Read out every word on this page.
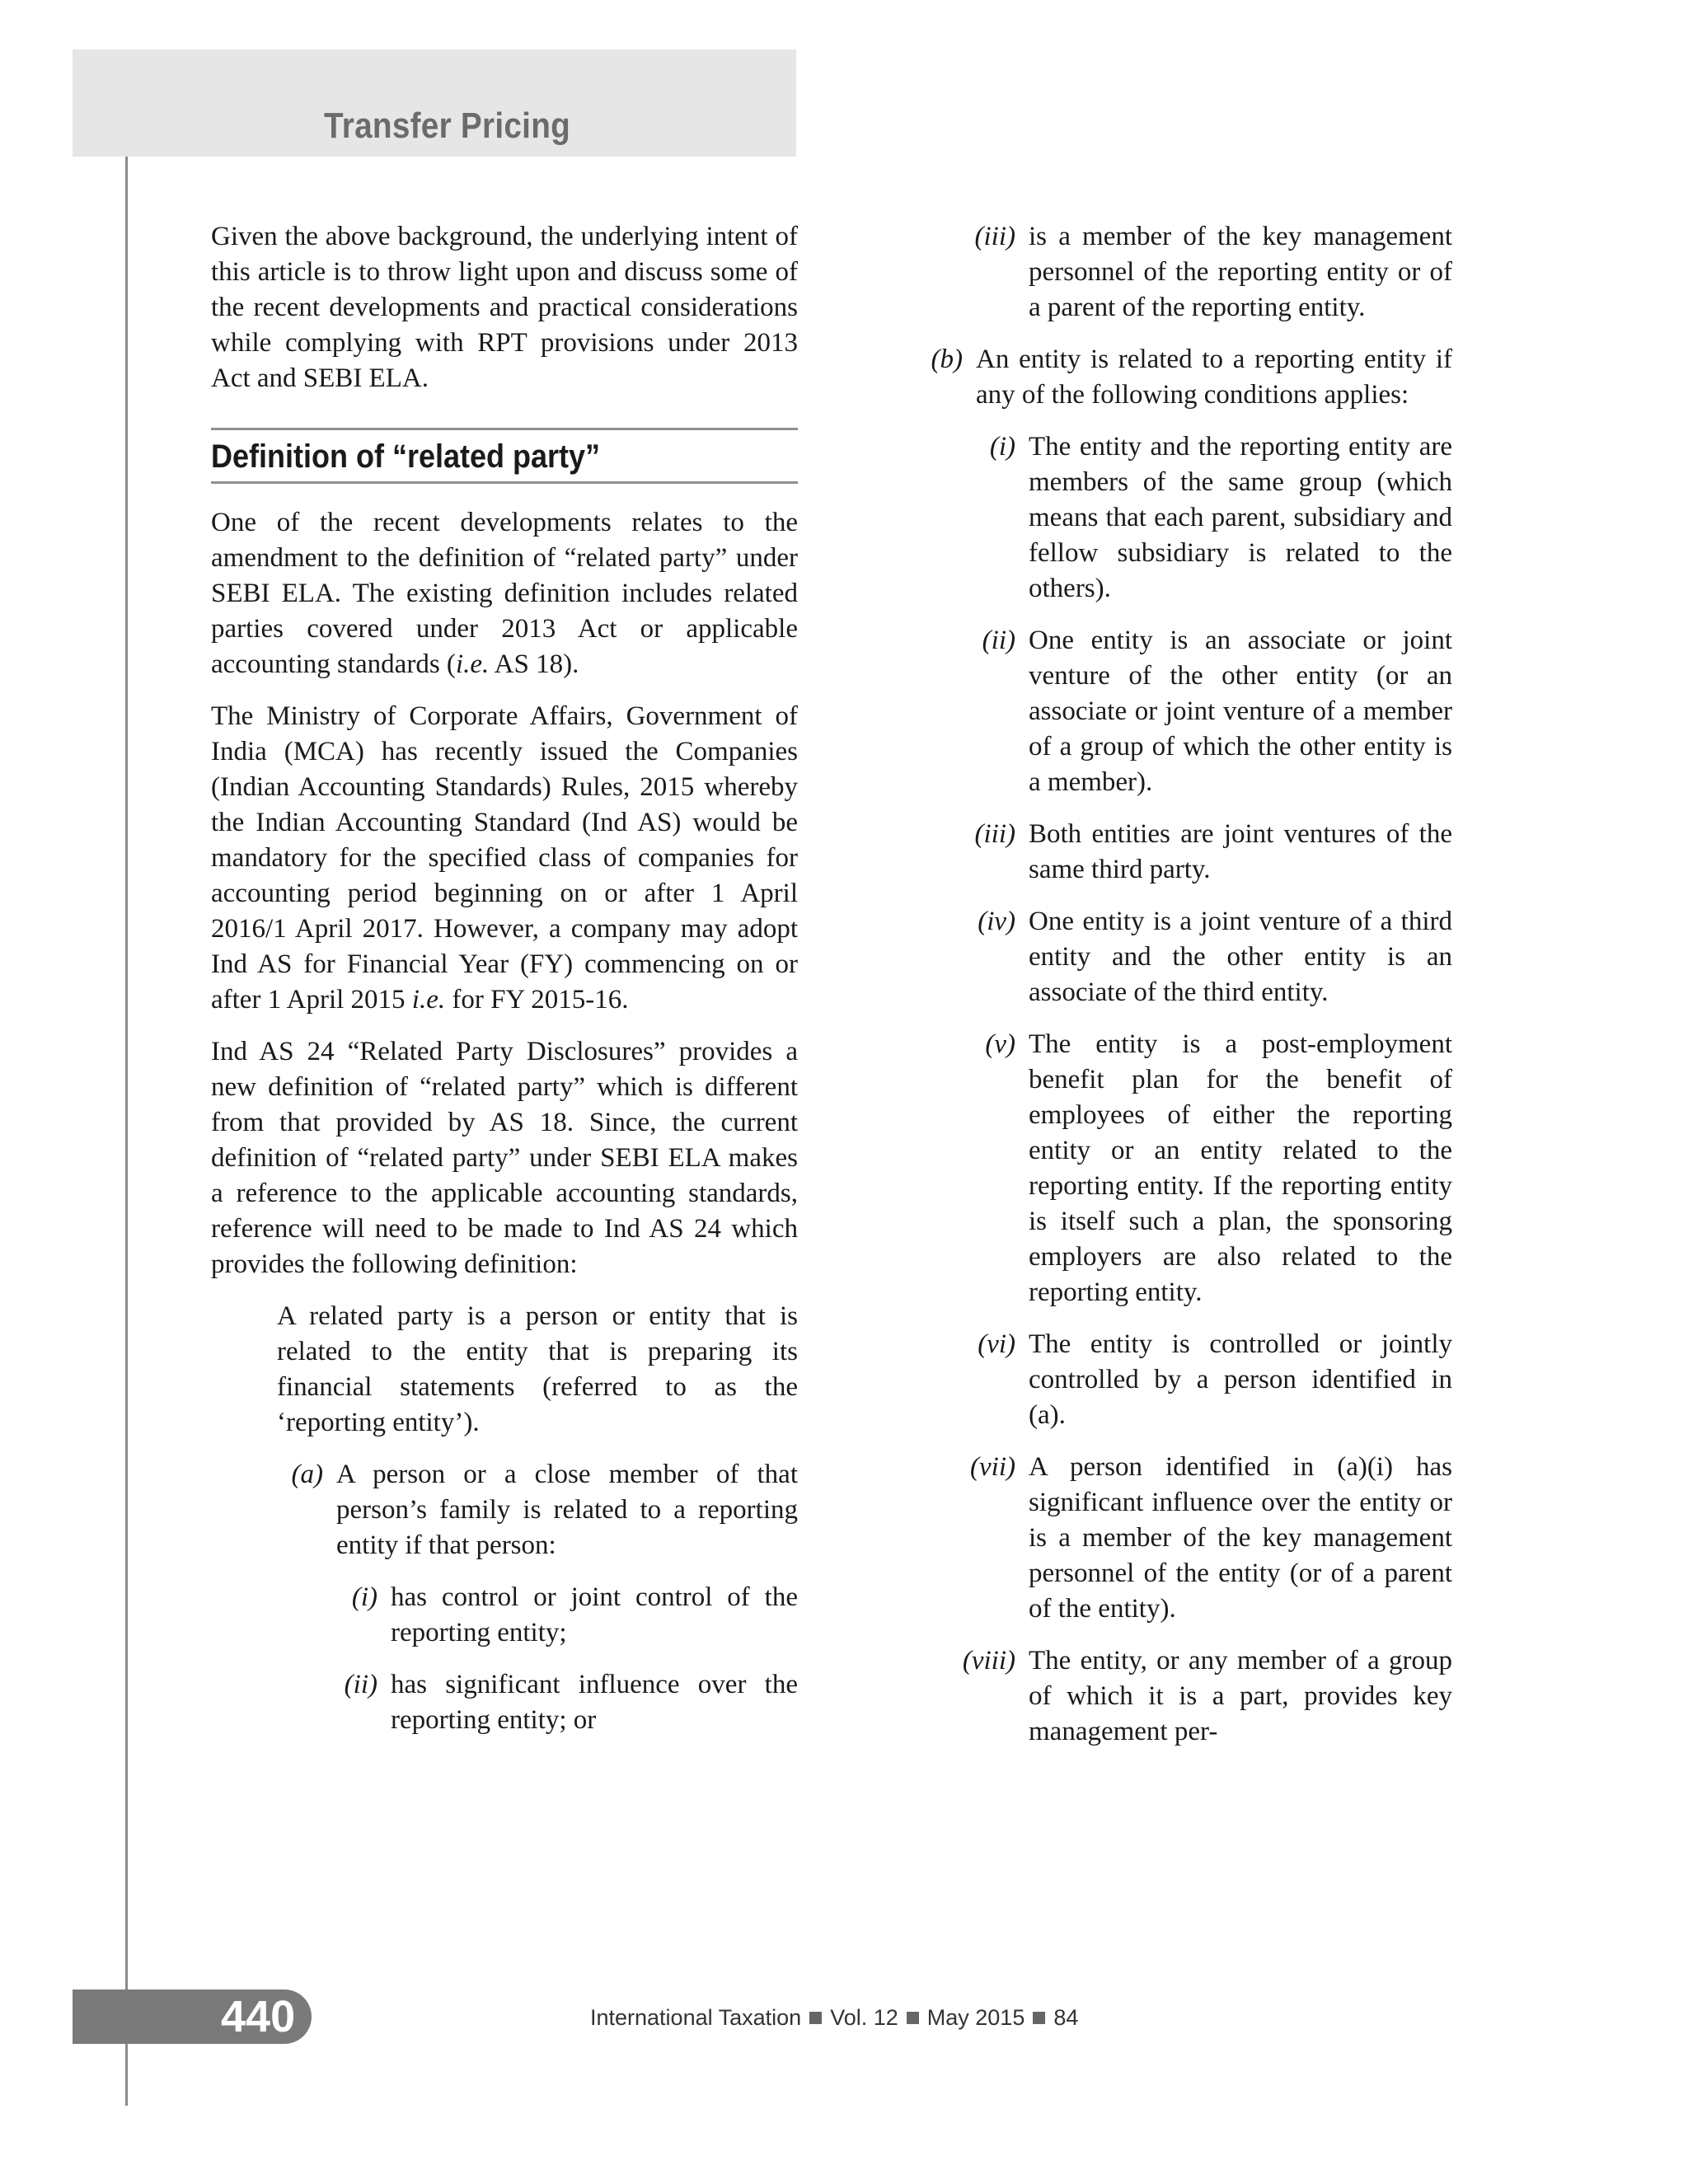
Transfer Pricing

Given the above background, the underlying intent of this article is to throw light upon and discuss some of the recent developments and practical considerations while complying with RPT provisions under 2013 Act and SEBI ELA.

Definition of “related party”

One of the recent developments relates to the amendment to the definition of “related party” under SEBI ELA. The existing definition includes related parties covered under 2013 Act or applicable accounting standards (i.e. AS 18).

The Ministry of Corporate Affairs, Government of India (MCA) has recently issued the Companies (Indian Accounting Standards) Rules, 2015 whereby the Indian Accounting Standard (Ind AS) would be mandatory for the specified class of companies for accounting period beginning on or after 1 April 2016/1 April 2017. However, a company may adopt Ind AS for Financial Year (FY) commencing on or after 1 April 2015 i.e. for FY 2015-16.

Ind AS 24 “Related Party Disclosures” provides a new definition of “related party” which is different from that provided by AS 18. Since, the current definition of “related party” under SEBI ELA makes a reference to the applicable accounting standards, reference will need to be made to Ind AS 24 which provides the following definition:

A related party is a person or entity that is related to the entity that is preparing its financial statements (referred to as the ‘reporting entity’).

(a) A person or a close member of that person’s family is related to a reporting entity if that person:
(i) has control or joint control of the reporting entity;
(ii) has significant influence over the reporting entity; or
(iii) is a member of the key management personnel of the reporting entity or of a parent of the reporting entity.
(b) An entity is related to a reporting entity if any of the following conditions applies:
(i) The entity and the reporting entity are members of the same group (which means that each parent, subsidiary and fellow subsidiary is related to the others).
(ii) One entity is an associate or joint venture of the other entity (or an associate or joint venture of a member of a group of which the other entity is a member).
(iii) Both entities are joint ventures of the same third party.
(iv) One entity is a joint venture of a third entity and the other entity is an associate of the third entity.
(v) The entity is a post-employment benefit plan for the benefit of employees of either the reporting entity or an entity related to the reporting entity. If the reporting entity is itself such a plan, the sponsoring employers are also related to the reporting entity.
(vi) The entity is controlled or jointly controlled by a person identified in (a).
(vii) A person identified in (a)(i) has significant influence over the entity or is a member of the key management personnel of the entity (or of a parent of the entity).
(viii) The entity, or any member of a group of which it is a part, provides key management per-
440	International Taxation Vol. 12 May 2015 84
